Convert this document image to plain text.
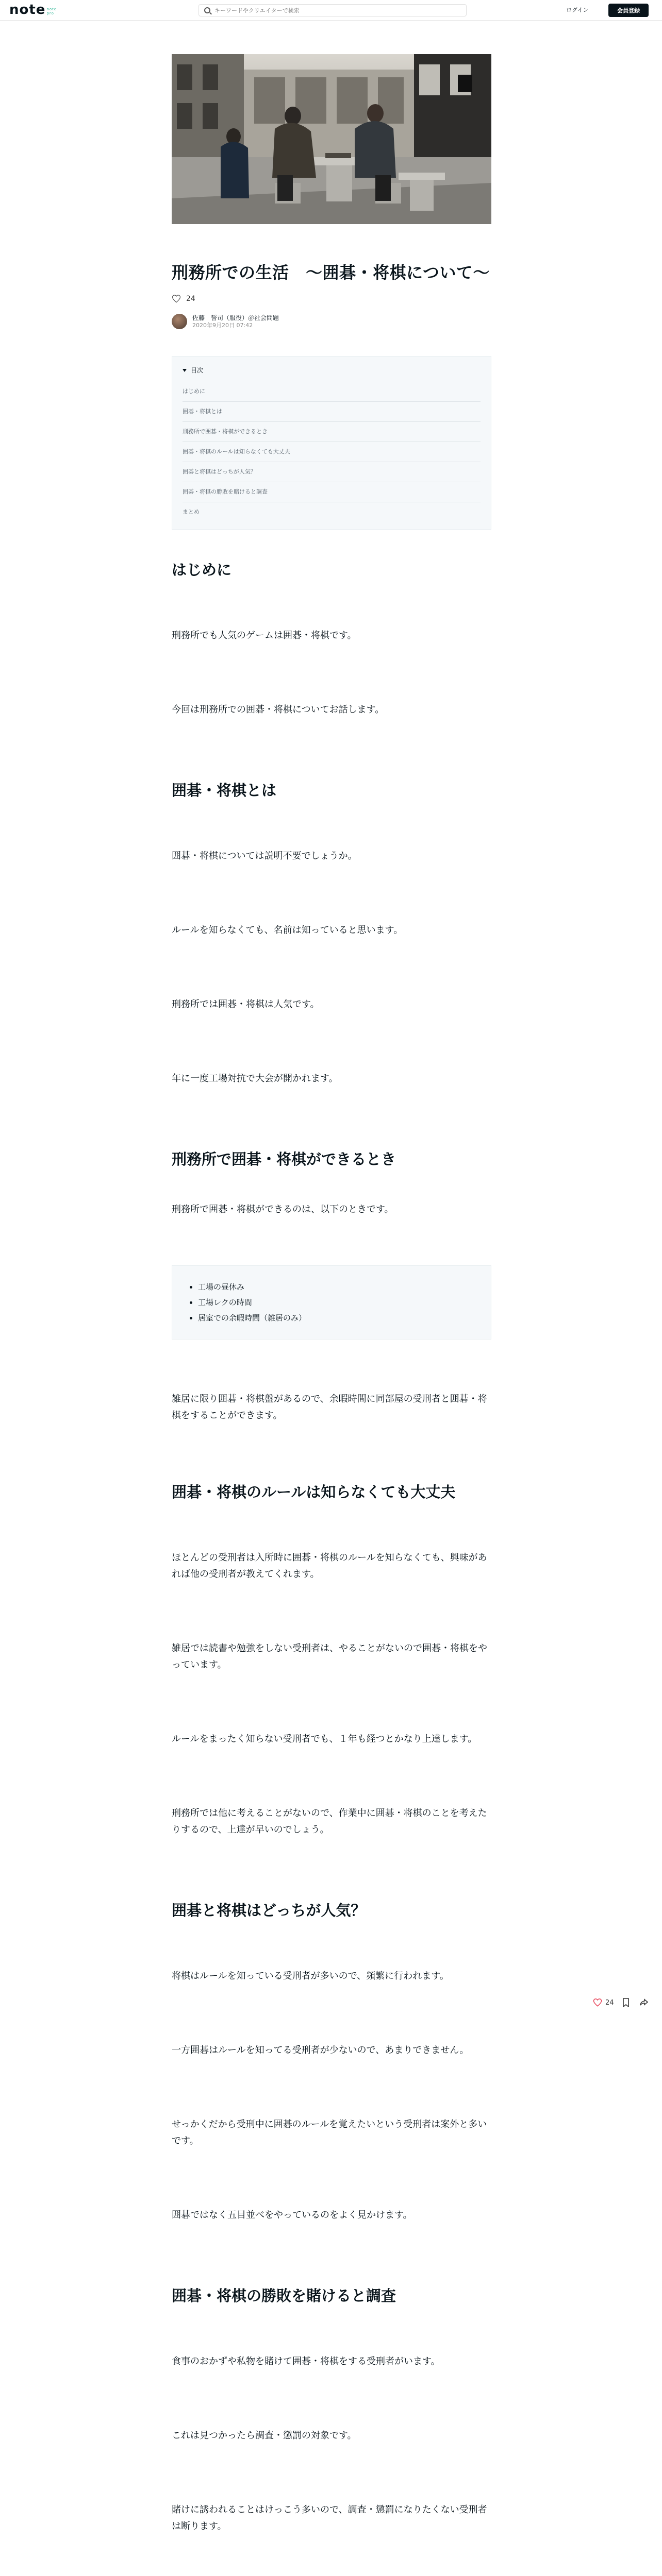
note note pro
キーワードやクリエイターで検索	ログイン	会員登録
刑務所での生活　〜囲碁・将棋について〜
24
佐藤　誓司（服役）＠社会問題
2020年9月20日 07:42
目次
はじめに
囲碁・将棋とは
刑務所で囲碁・将棋ができるとき
囲碁・将棋のルールは知らなくても大丈夫
囲碁と将棋はどっちが人気？
囲碁・将棋の勝敗を賭けると調査
まとめ
はじめに

刑務所でも人気のゲームは囲碁・将棋です。

今回は刑務所での囲碁・将棋についてお話します。

囲碁・将棋とは

囲碁・将棋については説明不要でしょうか。

ルールを知らなくても、名前は知っていると思います。

刑務所では囲碁・将棋は人気です。

年に一度工場対抗で大会が開かれます。

刑務所で囲碁・将棋ができるとき

刑務所で囲碁・将棋ができるのは、以下のときです。

• 工場の昼休み
• 工場レクの時間
• 居室での余暇時間（雑居のみ）

雑居に限り囲碁・将棋盤があるので、余暇時間に同部屋の受刑者と囲碁・将棋をすることができます。

囲碁・将棋のルールは知らなくても大丈夫

ほとんどの受刑者は入所時に囲碁・将棋のルールを知らなくても、興味があれば他の受刑者が教えてくれます。

雑居では読書や勉強をしない受刑者は、やることがないので囲碁・将棋をやっています。

ルールをまったく知らない受刑者でも、１年も経つとかなり上達します。

刑務所では他に考えることがないので、作業中に囲碁・将棋のことを考えたりするので、上達が早いのでしょう。

囲碁と将棋はどっちが人気？

将棋はルールを知っている受刑者が多いので、頻繁に行われます。

一方囲碁はルールを知ってる受刑者が少ないので、あまりできません。

せっかくだから受刑中に囲碁のルールを覚えたいという受刑者は案外と多いです。

囲碁ではなく五目並べをやっているのをよく見かけます。

囲碁・将棋の勝敗を賭けると調査

食事のおかずや私物を賭けて囲碁・将棋をする受刑者がいます。

これは見つかったら調査・懲罰の対象です。

賭けに誘われることはけっこう多いので、調査・懲罰になりたくない受刑者は断ります。

24
